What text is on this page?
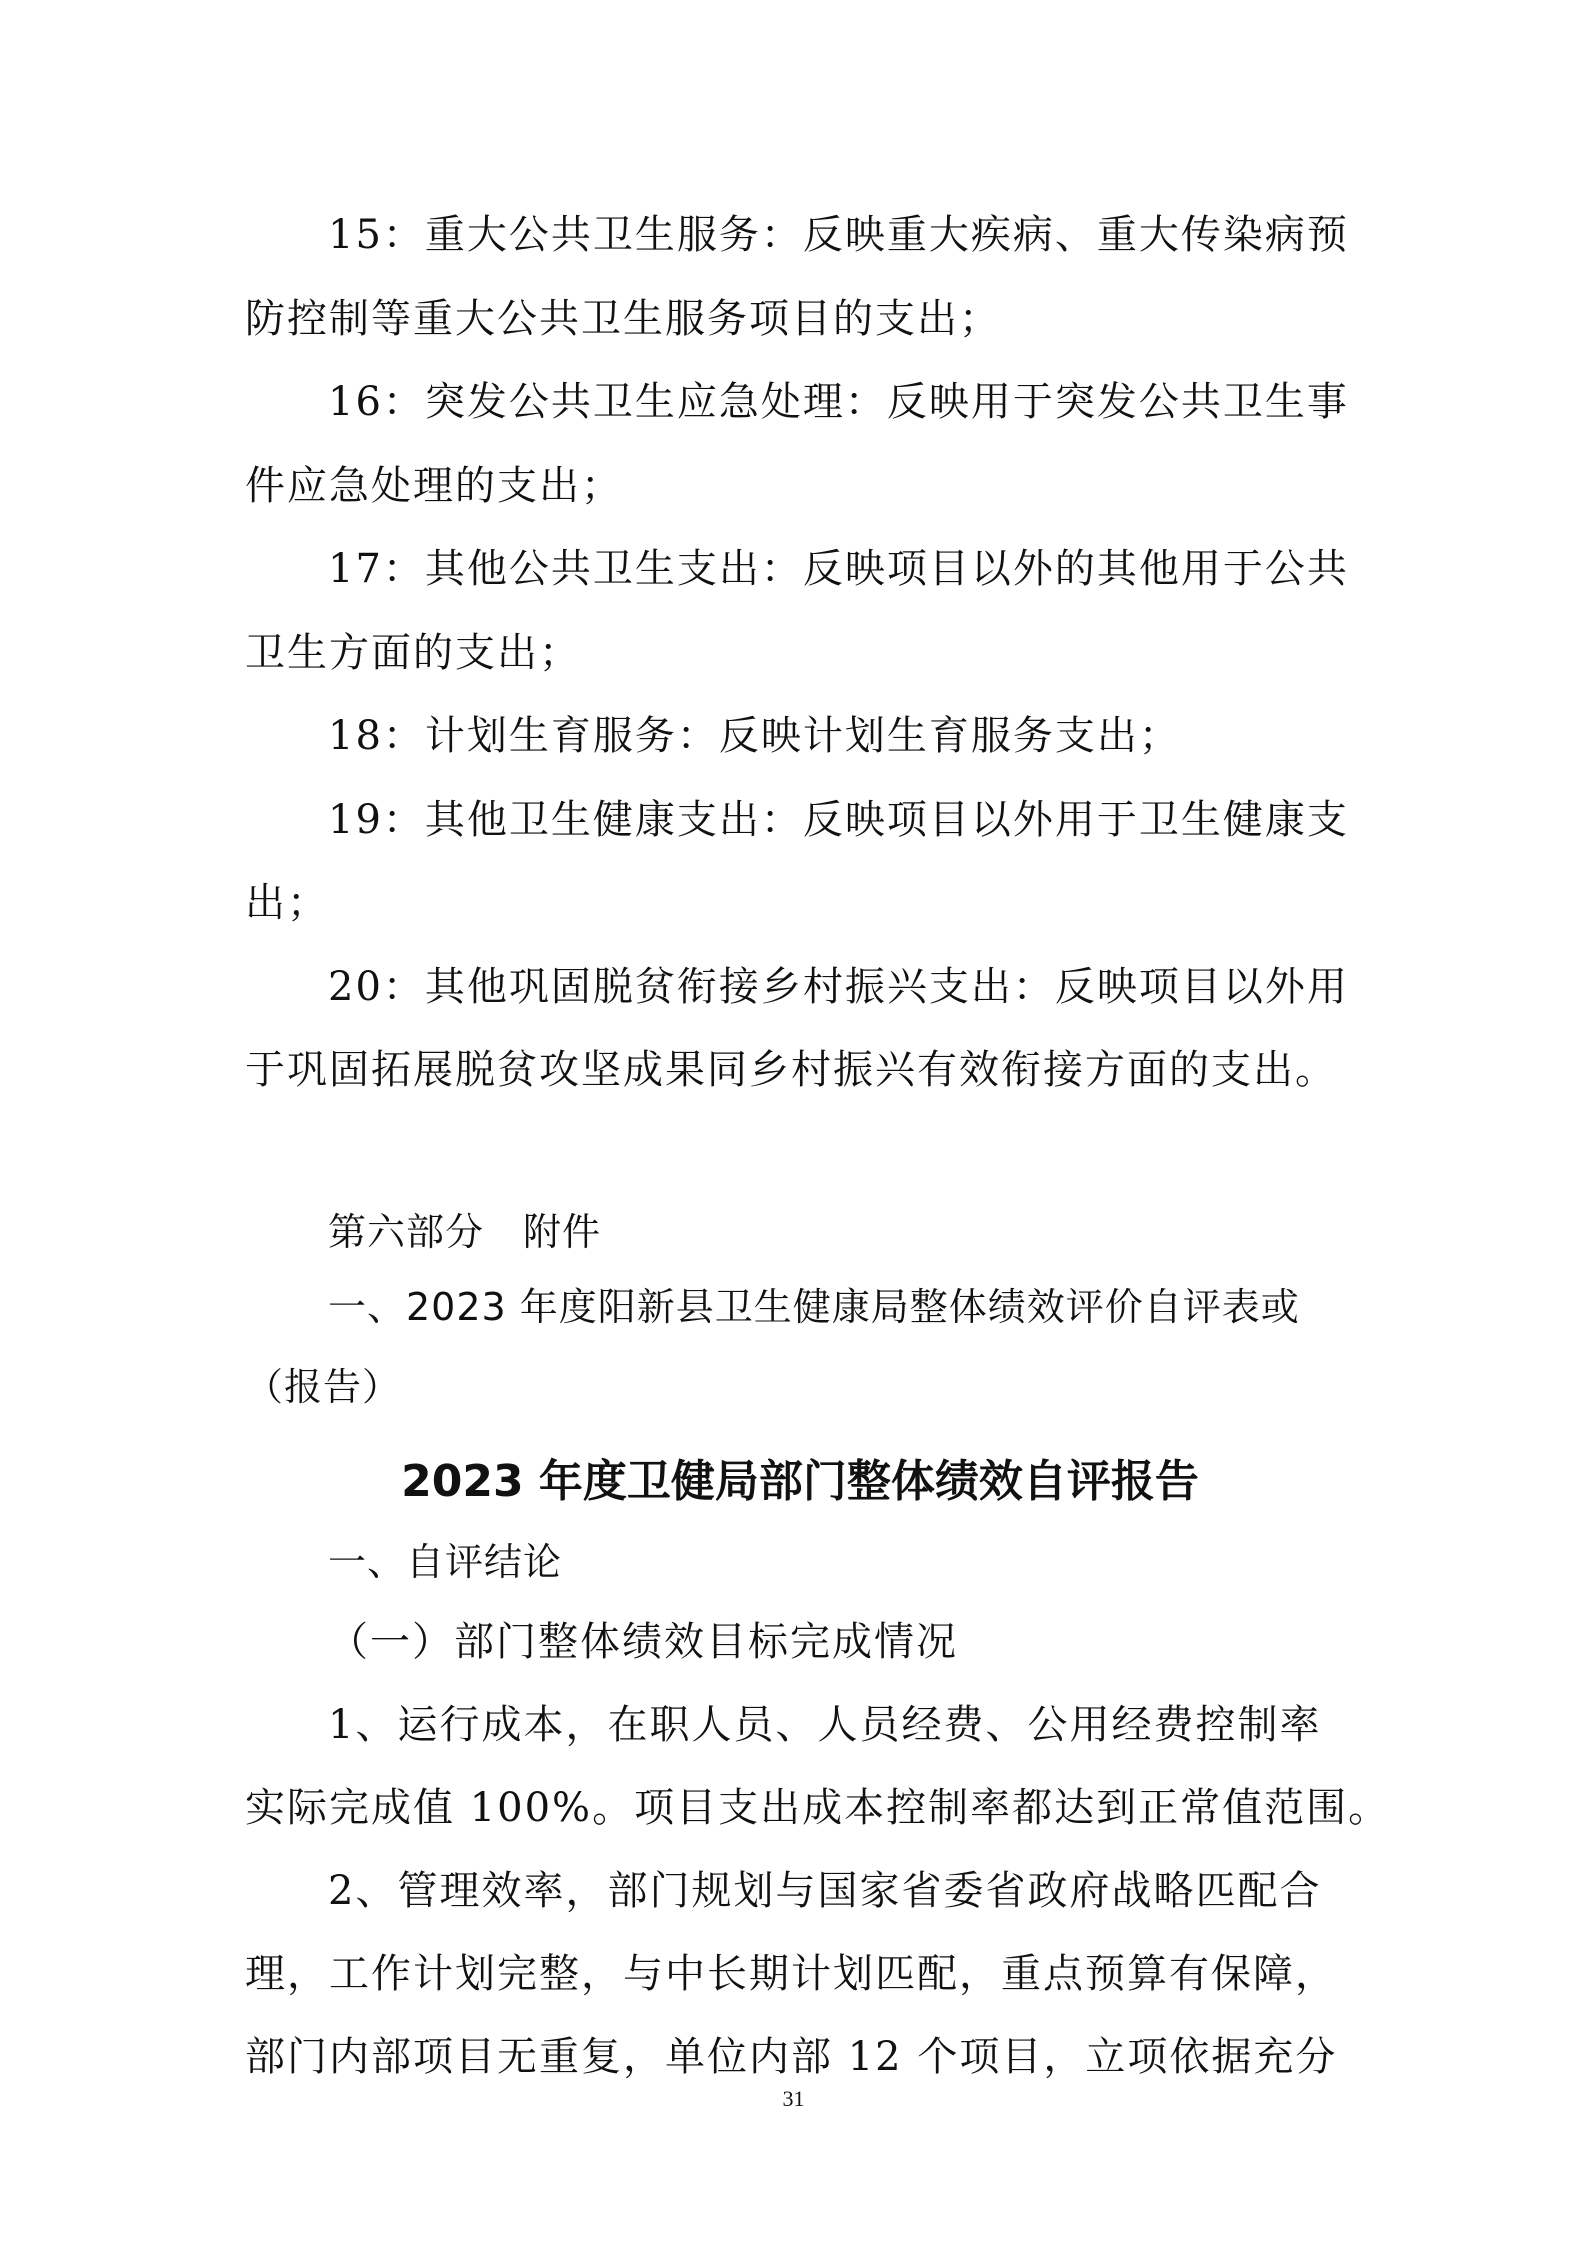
15：重大公共卫生服务：反映重大疾病、重大传染病预
防控制等重大公共卫生服务项目的支出；
16：突发公共卫生应急处理：反映用于突发公共卫生事
件应急处理的支出；
17：其他公共卫生支出：反映项目以外的其他用于公共
卫生方面的支出；
18：计划生育服务：反映计划生育服务支出；
19：其他卫生健康支出：反映项目以外用于卫生健康支
出；
20：其他巩固脱贫衔接乡村振兴支出：反映项目以外用
于巩固拓展脱贫攻坚成果同乡村振兴有效衔接方面的支出。
第六部分　附件
一、2023 年度阳新县卫生健康局整体绩效评价自评表或
（报告）
2023 年度卫健局部门整体绩效自评报告
一、自评结论
（一）部门整体绩效目标完成情况
1、运行成本，在职人员、人员经费、公用经费控制率
实际完成值 100%。项目支出成本控制率都达到正常值范围。
2、管理效率，部门规划与国家省委省政府战略匹配合
理，工作计划完整，与中长期计划匹配，重点预算有保障，
部门内部项目无重复，单位内部 12 个项目，立项依据充分
31
